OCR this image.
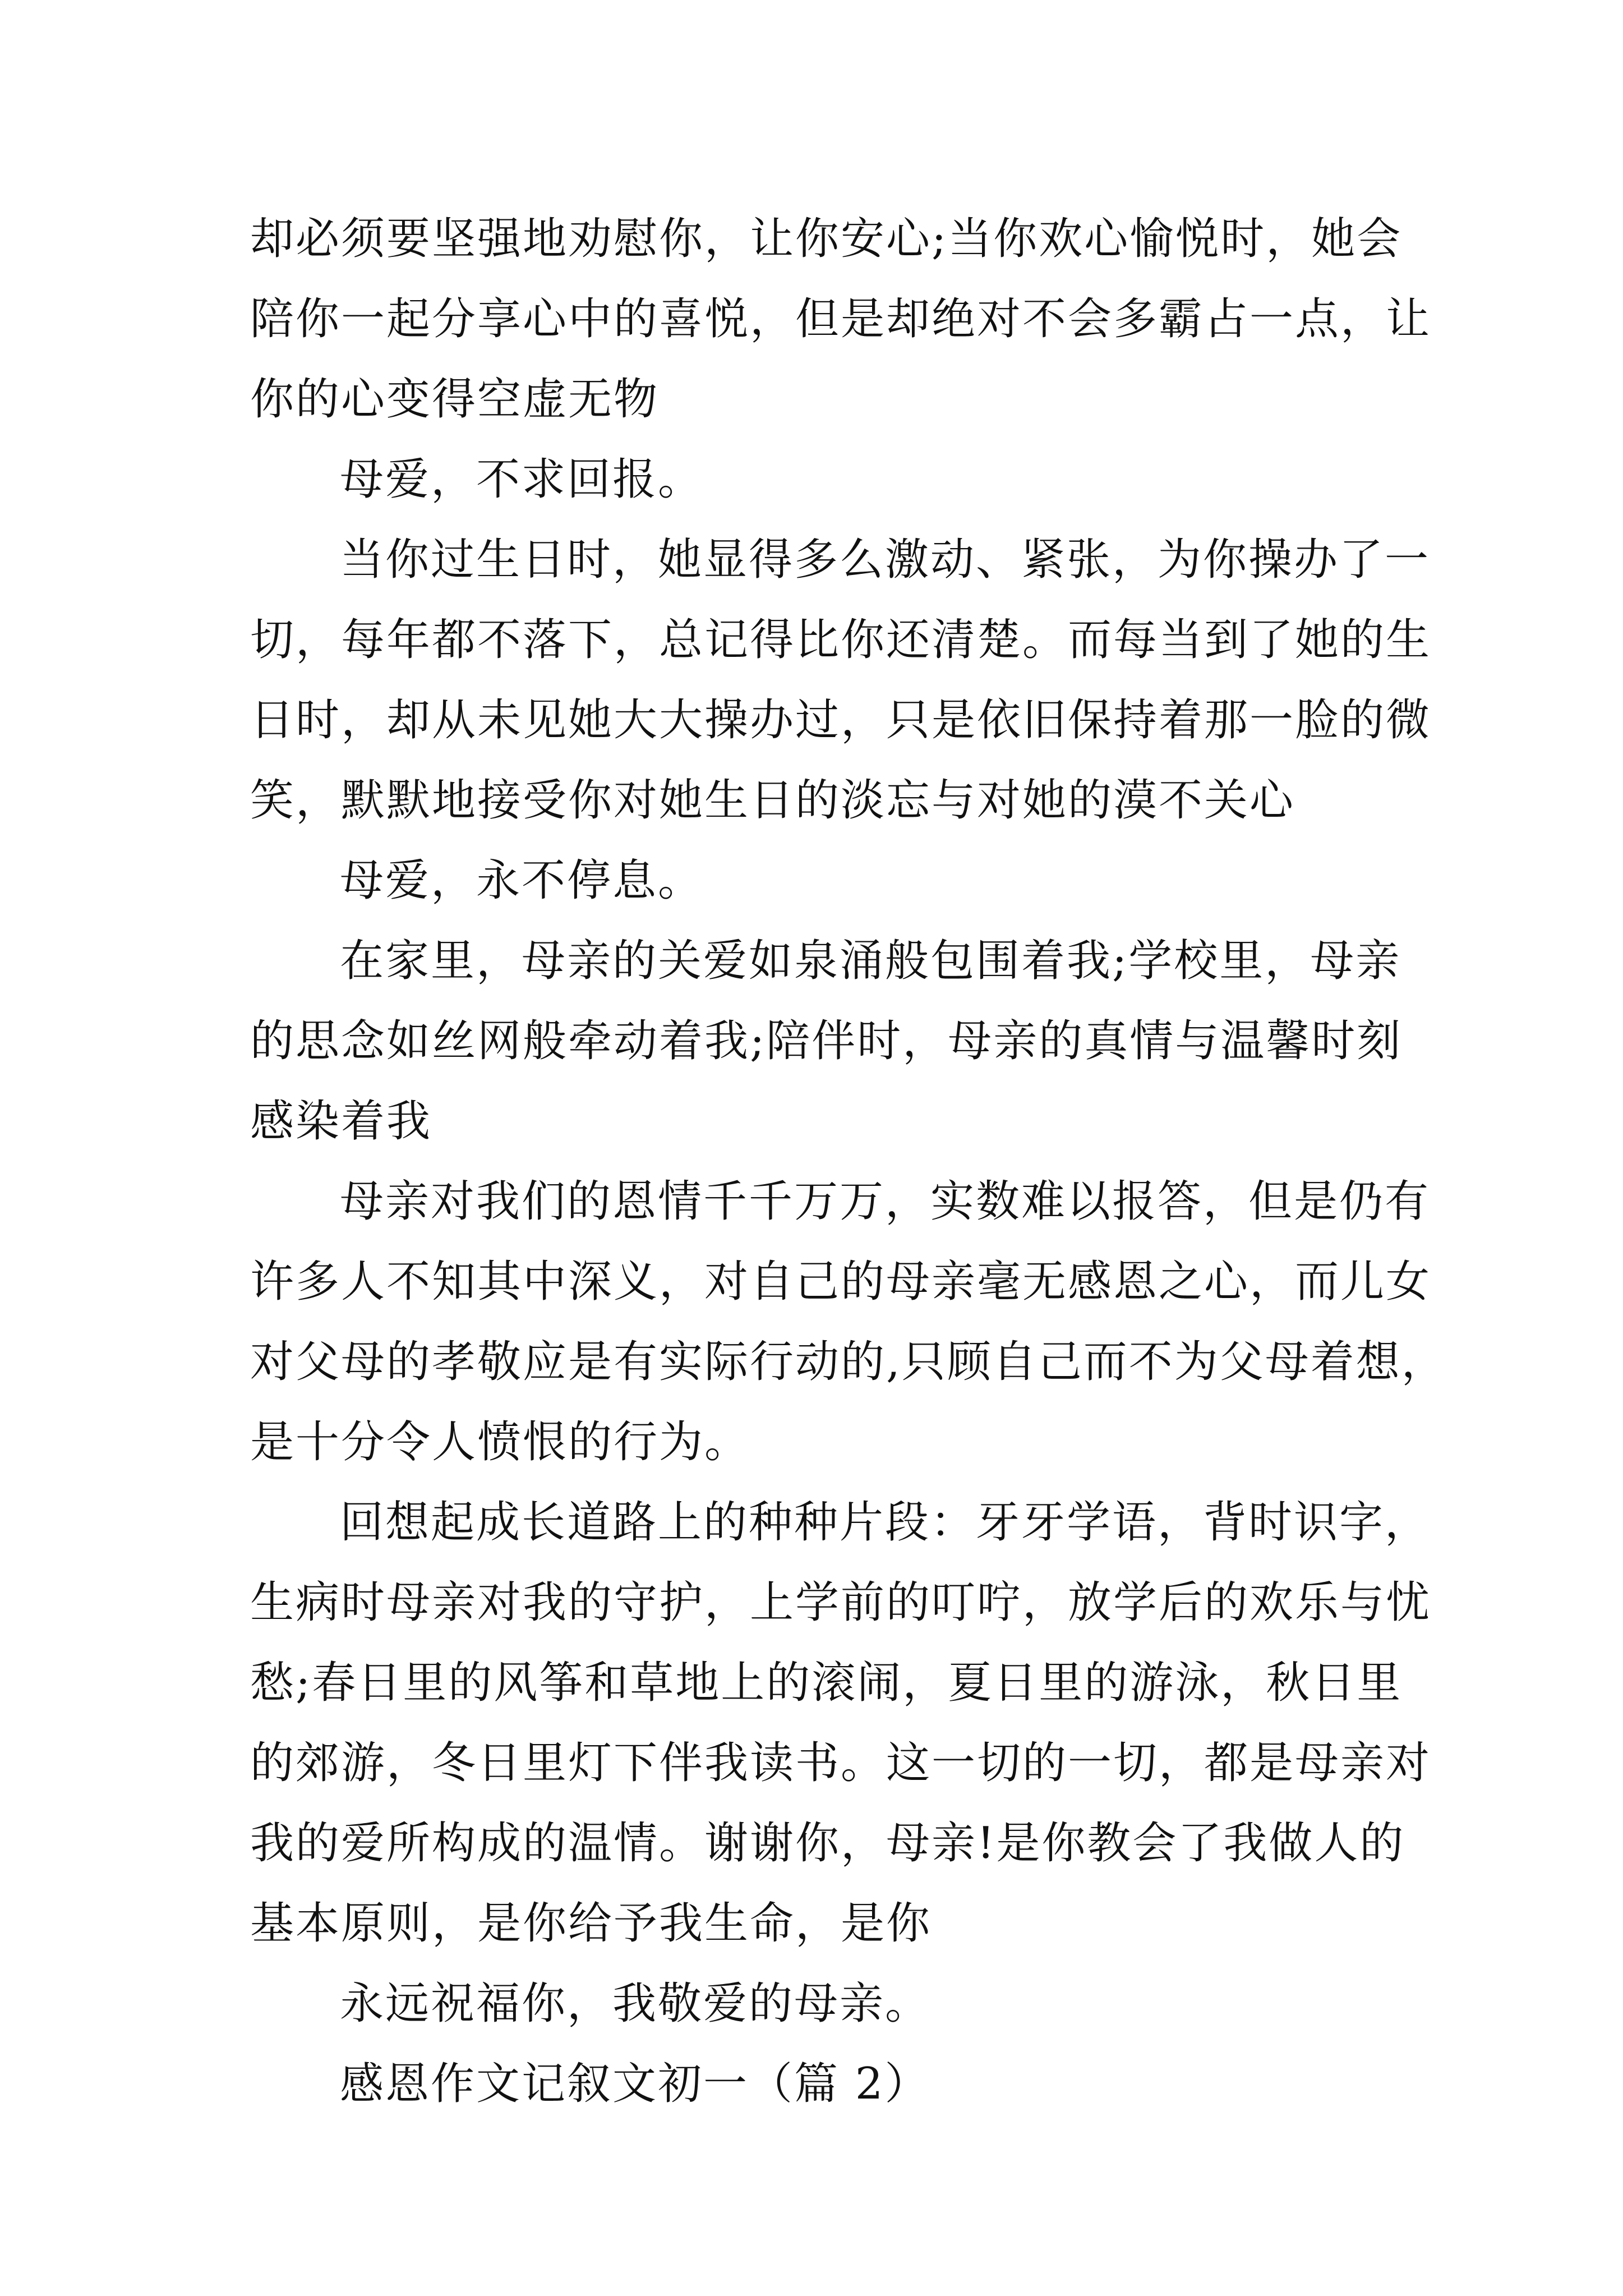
却必须要坚强地劝慰你，让你安心;当你欢心愉悦时，她会
陪你一起分享心中的喜悦，但是却绝对不会多霸占一点，让
你的心变得空虚无物
母爱，不求回报。
当你过生日时，她显得多么激动、紧张，为你操办了一
切，每年都不落下，总记得比你还清楚。而每当到了她的生
日时，却从未见她大大操办过，只是依旧保持着那一脸的微
笑，默默地接受你对她生日的淡忘与对她的漠不关心
母爱，永不停息。
在家里，母亲的关爱如泉涌般包围着我;学校里，母亲
的思念如丝网般牵动着我;陪伴时，母亲的真情与温馨时刻
感染着我
母亲对我们的恩情千千万万，实数难以报答，但是仍有
许多人不知其中深义，对自己的母亲毫无感恩之心，而儿女
对父母的孝敬应是有实际行动的,只顾自己而不为父母着想，
是十分令人愤恨的行为。
回想起成长道路上的种种片段：牙牙学语，背时识字，
生病时母亲对我的守护，上学前的叮咛，放学后的欢乐与忧
愁;春日里的风筝和草地上的滚闹，夏日里的游泳，秋日里
的郊游，冬日里灯下伴我读书。这一切的一切，都是母亲对
我的爱所构成的温情。谢谢你，母亲!是你教会了我做人的
基本原则，是你给予我生命，是你
永远祝福你，我敬爱的母亲。
感恩作文记叙文初一（篇 2）
